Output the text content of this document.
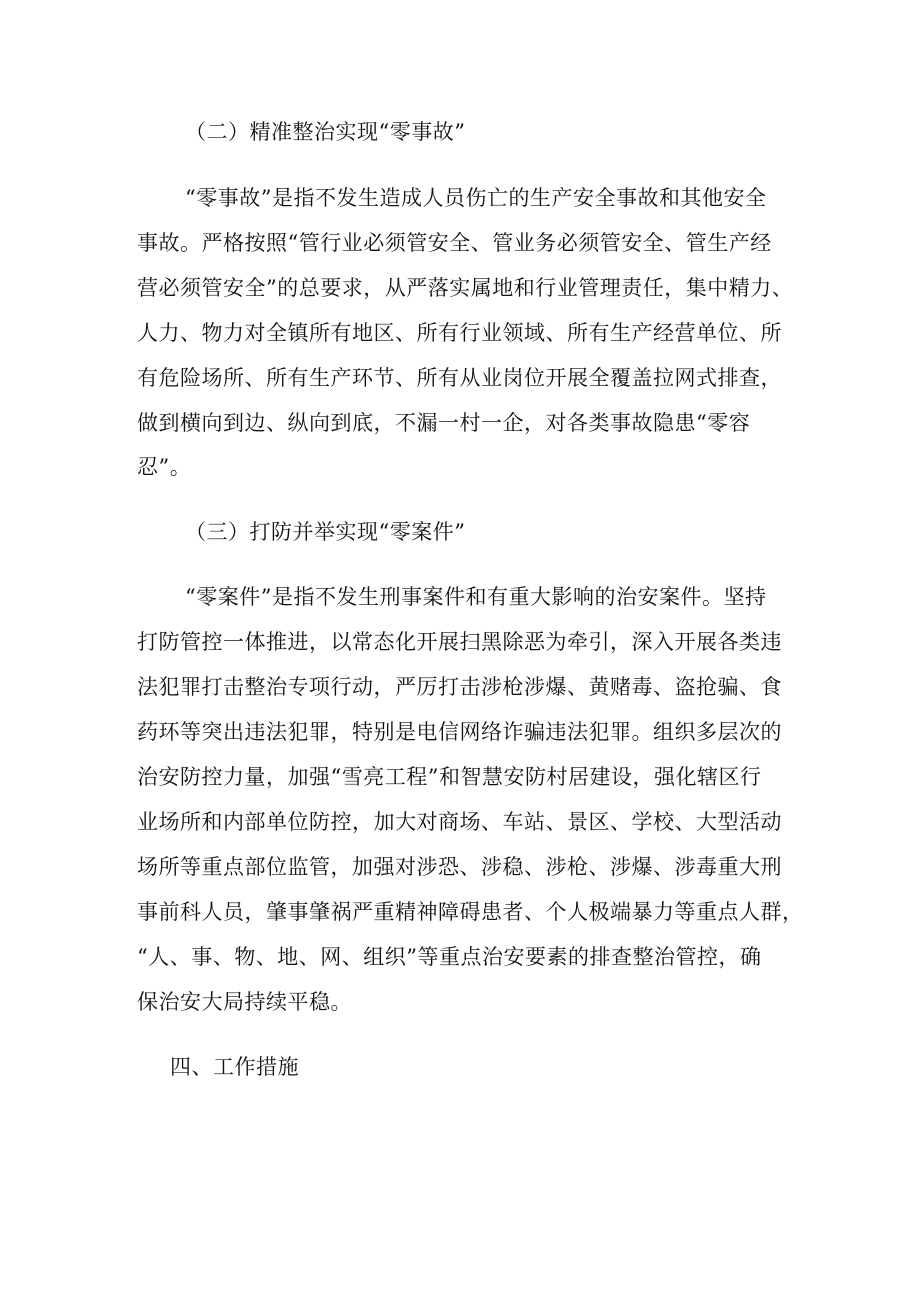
（二）精准整治实现“零事故”
“零事故”是指不发生造成人员伤亡的生产安全事故和其他安全
事故。严格按照“管行业必须管安全、管业务必须管安全、管生产经
营必须管安全”的总要求，从严落实属地和行业管理责任，集中精力、
人力、物力对全镇所有地区、所有行业领域、所有生产经营单位、所
有危险场所、所有生产环节、所有从业岗位开展全覆盖拉网式排查，
做到横向到边、纵向到底，不漏一村一企，对各类事故隐患“零容
忍”。
（三）打防并举实现“零案件”
“零案件”是指不发生刑事案件和有重大影响的治安案件。坚持
打防管控一体推进，以常态化开展扫黑除恶为牵引，深入开展各类违
法犯罪打击整治专项行动，严厉打击涉枪涉爆、黄赌毒、盗抢骗、食
药环等突出违法犯罪，特别是电信网络诈骗违法犯罪。组织多层次的
治安防控力量，加强“雪亮工程”和智慧安防村居建设，强化辖区行
业场所和内部单位防控，加大对商场、车站、景区、学校、大型活动
场所等重点部位监管，加强对涉恐、涉稳、涉枪、涉爆、涉毒重大刑
事前科人员，肇事肇祸严重精神障碍患者、个人极端暴力等重点人群，
“人、事、物、地、网、组织”等重点治安要素的排查整治管控，确
保治安大局持续平稳。
四、工作措施
